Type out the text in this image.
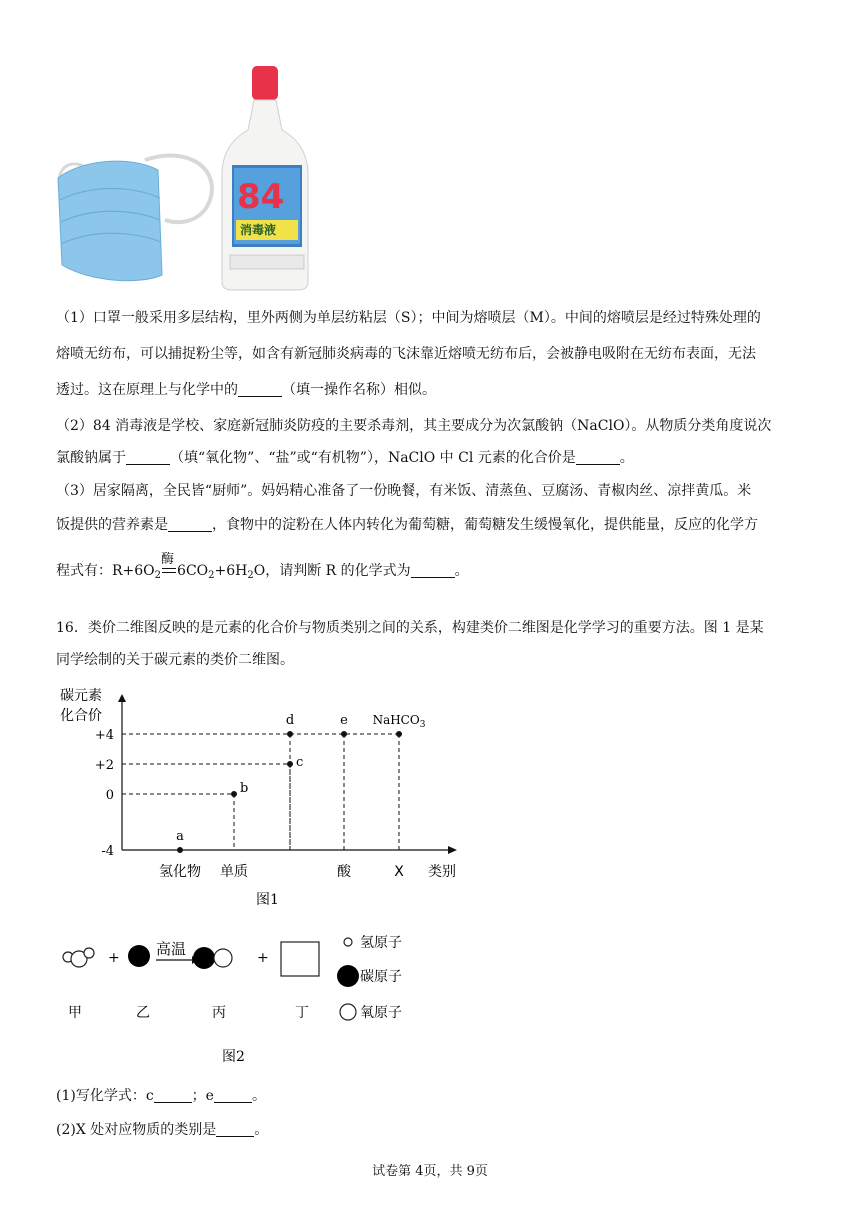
84
消毒液

（1）口罩一般采用多层结构，里外两侧为单层纺粘层（S）；中间为熔喷层（M）。中间的熔喷层是经过特殊处理的

熔喷无纺布，可以捕捉粉尘等，如含有新冠肺炎病毒的飞沫靠近熔喷无纺布后，会被静电吸附在无纺布表面，无法

透过。这在原理上与化学中的	（填一操作名称）相似。

（2）84 消毒液是学校、家庭新冠肺炎防疫的主要杀毒剂，其主要成分为次氯酸钠（NaClO）。从物质分类角度说次

氯酸钠属于	（填“氧化物”、“盐”或“有机物”），NaClO 中 Cl 元素的化合价是	。

（3）居家隔离，全民皆“厨师”。妈妈精心准备了一份晚餐，有米饭、清蒸鱼、豆腐汤、青椒肉丝、凉拌黄瓜。米

饭提供的营养素是	，食物中的淀粉在人体内转化为葡萄糖，葡萄糖发生缓慢氧化，提供能量，反应的化学方

程式有：$R+6O_2$
酶
$6CO_2+6H_2O$，请判断 R 的化学式为	。

16．类价二维图反映的是元素的化合价与物质类别之间的关系，构建类价二维图是化学学习的重要方法。图 1 是某

同学绘制的关于碳元素的类价二维图。

碳元素
化合价
类别
图1
+4
+2
0
-4
氢化物 单质	酸	X
a
b
c
d	e NaHCO$_3$
+ 高温	+
氢原子
碳原子
氧原子
甲	乙	丙	丁
图2

(1)写化学式：c	；e	。

(2)X 处对应物质的类别是	。

试卷第 4页，共 9页
